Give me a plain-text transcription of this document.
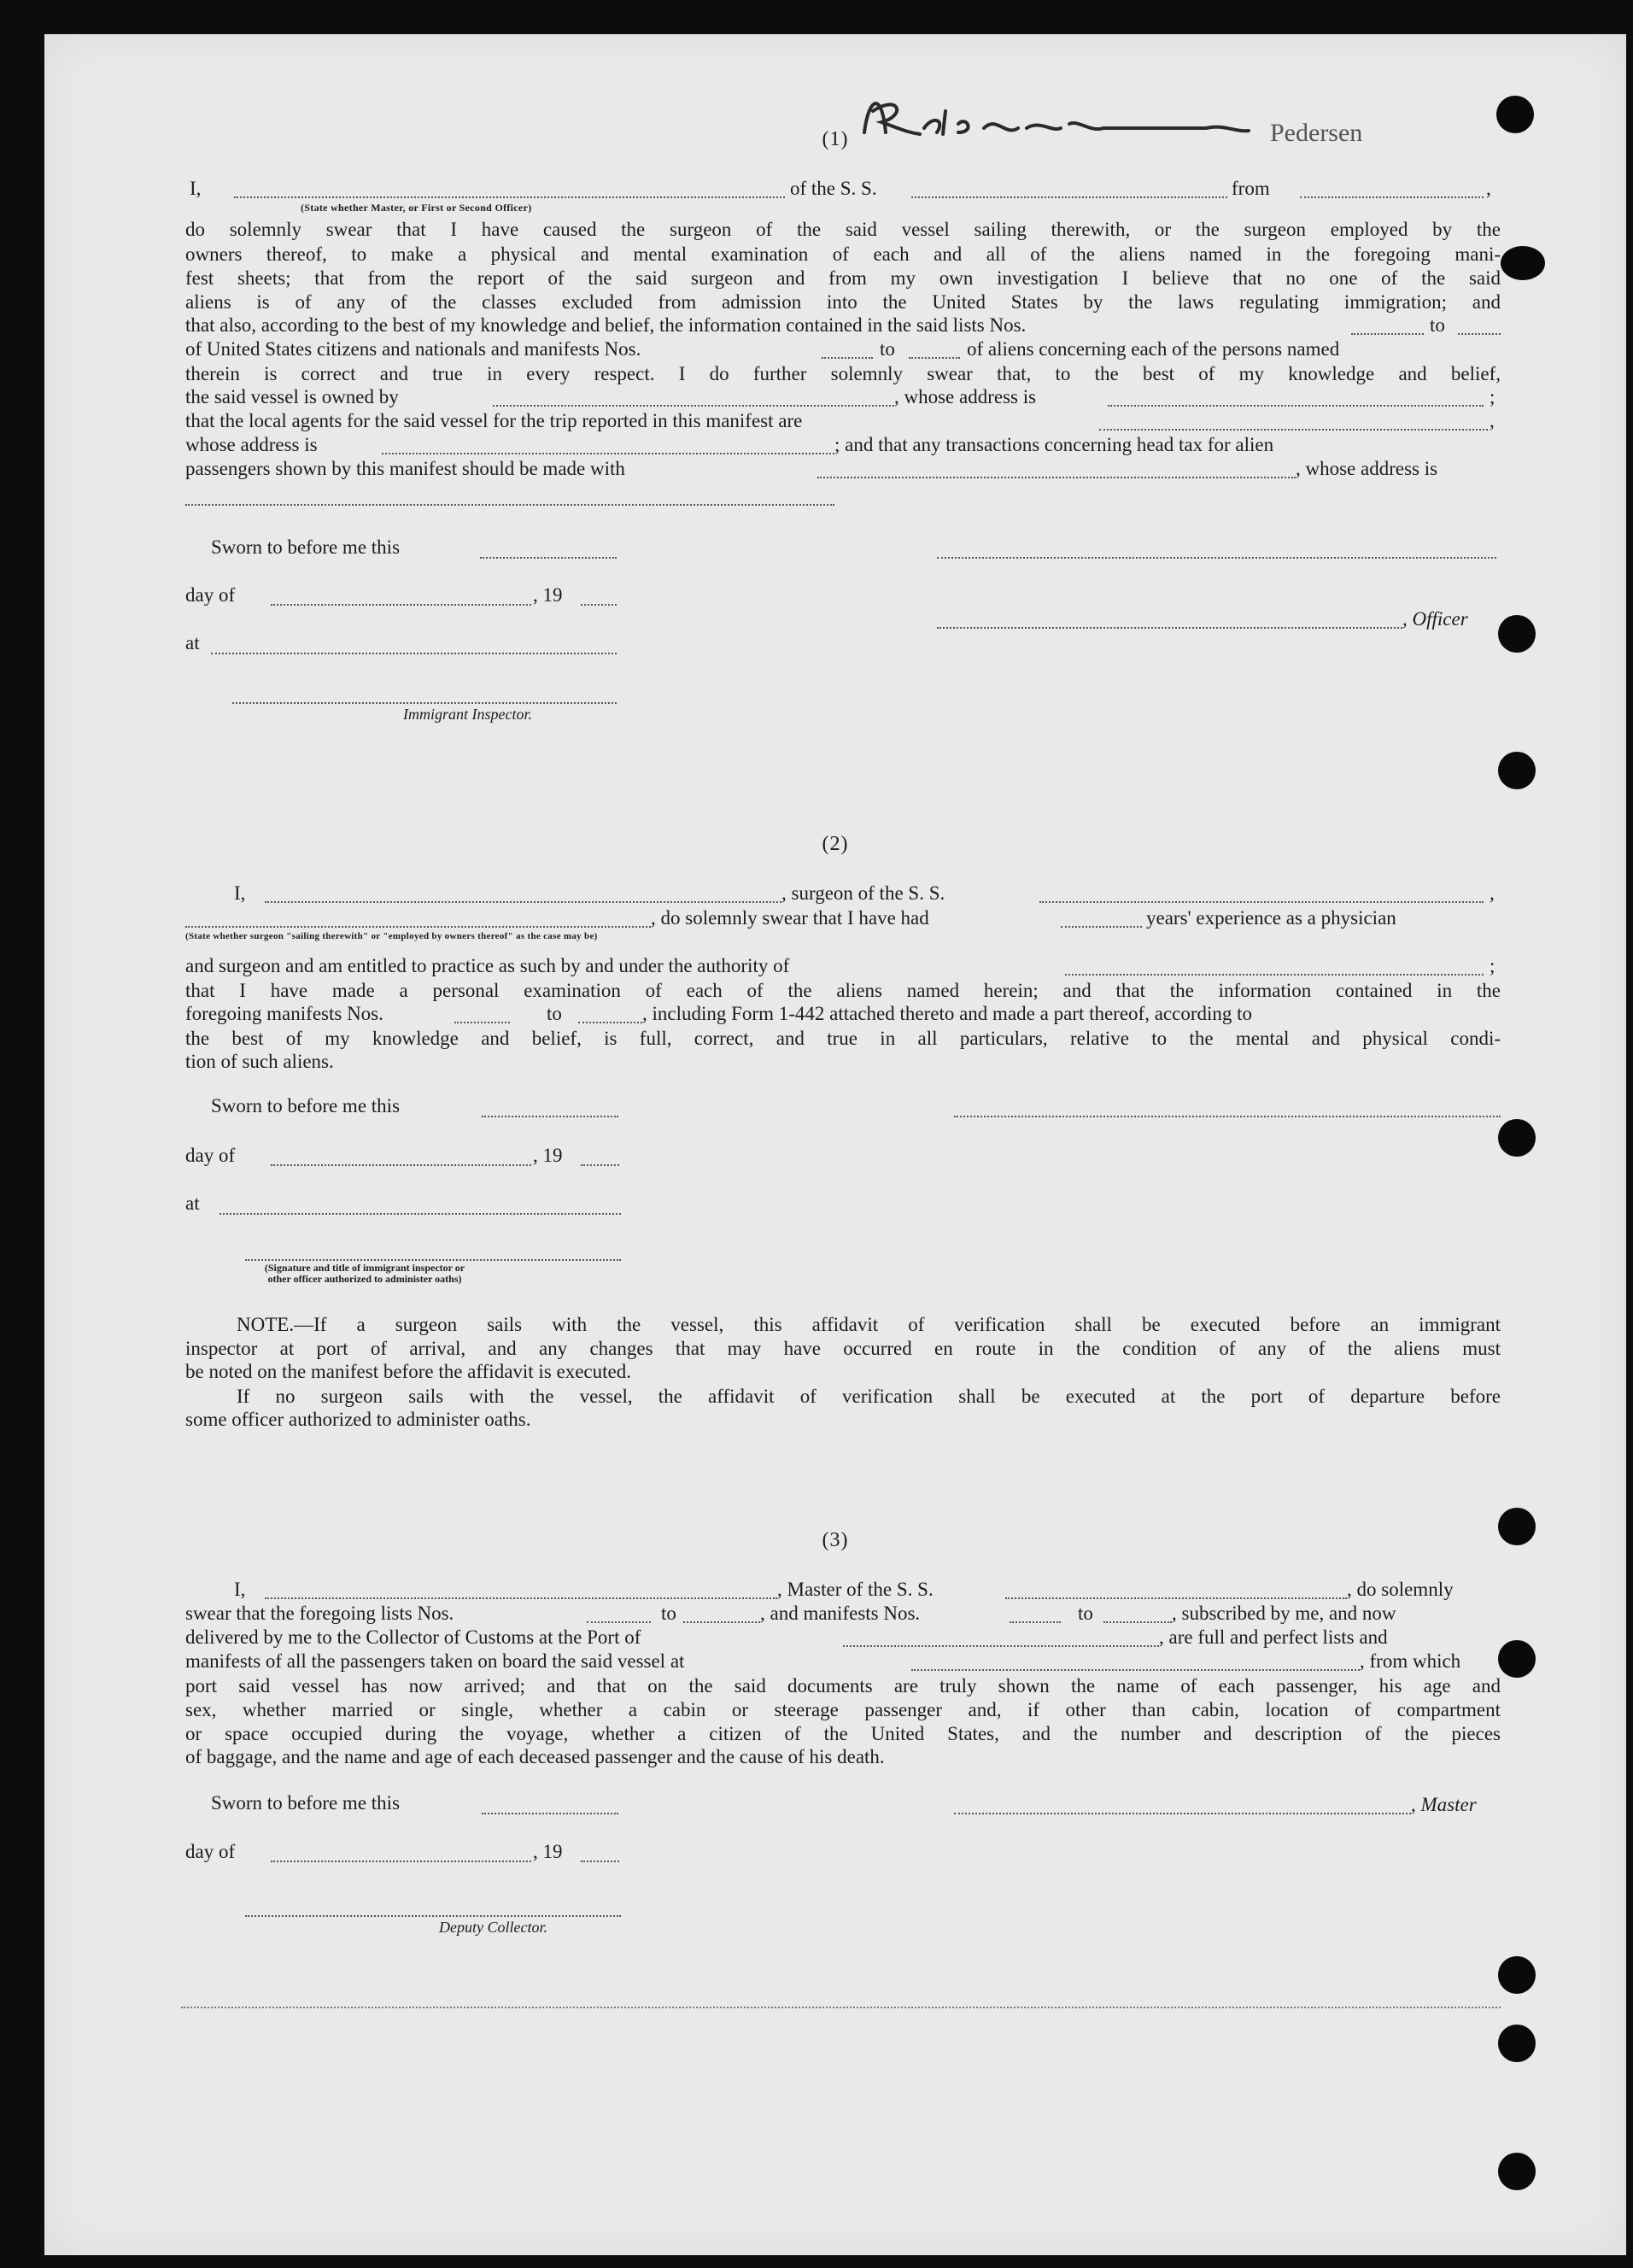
Pedersen
(1)
I,	of the S. S.	from	,
(State whether Master, or First or Second Officer)
do solemnly swear that I have caused the surgeon of the said vessel sailing therewith, or the surgeon employed by the
owners thereof, to make a physical and mental examination of each and all of the aliens named in the foregoing mani-
fest sheets; that from the report of the said surgeon and from my own investigation I believe that no one of the said
aliens is of any of the classes excluded from admission into the United States by the laws regulating immigration; and
that also, according to the best of my knowledge and belief, the information contained in the said lists Nos.	to
of United States citizens and nationals and manifests Nos.	to	of aliens concerning each of the persons named
therein is correct and true in every respect. I do further solemnly swear that, to the best of my knowledge and belief,
the said vessel is owned by	, whose address is	;
that the local agents for the said vessel for the trip reported in this manifest are	,
whose address is	; and that any transactions concerning head tax for alien
passengers shown by this manifest should be made with	, whose address is
Sworn to before me this
day of	, 19
, Officer
at
Immigrant Inspector.
(2)
I,	, surgeon of the S. S.	,
, do solemnly swear that I have had	years' experience as a physician
(State whether surgeon "sailing therewith" or "employed by owners thereof" as the case may be)
and surgeon and am entitled to practice as such by and under the authority of	;
that I have made a personal examination of each of the aliens named herein; and that the information contained in the
foregoing manifests Nos.	to	, including Form 1-442 attached thereto and made a part thereof, according to
the best of my knowledge and belief, is full, correct, and true in all particulars, relative to the mental and physical condi-
tion of such aliens.
Sworn to before me this
day of	, 19
at
(Signature and title of immigrant inspector or
other officer authorized to administer oaths)
NOTE.—If a surgeon sails with the vessel, this affidavit of verification shall be executed before an immigrant
inspector at port of arrival, and any changes that may have occurred en route in the condition of any of the aliens must
be noted on the manifest before the affidavit is executed.
If no surgeon sails with the vessel, the affidavit of verification shall be executed at the port of departure before
some officer authorized to administer oaths.
(3)
I,	, Master of the S. S.	, do solemnly
swear that the foregoing lists Nos.	to	, and manifests Nos.	to	, subscribed by me, and now
delivered by me to the Collector of Customs at the Port of	, are full and perfect lists and
manifests of all the passengers taken on board the said vessel at	, from which
port said vessel has now arrived; and that on the said documents are truly shown the name of each passenger, his age and
sex, whether married or single, whether a cabin or steerage passenger and, if other than cabin, location of compartment
or space occupied during the voyage, whether a citizen of the United States, and the number and description of the pieces
of baggage, and the name and age of each deceased passenger and the cause of his death.
Sworn to before me this	, Master
day of	, 19
Deputy Collector.
